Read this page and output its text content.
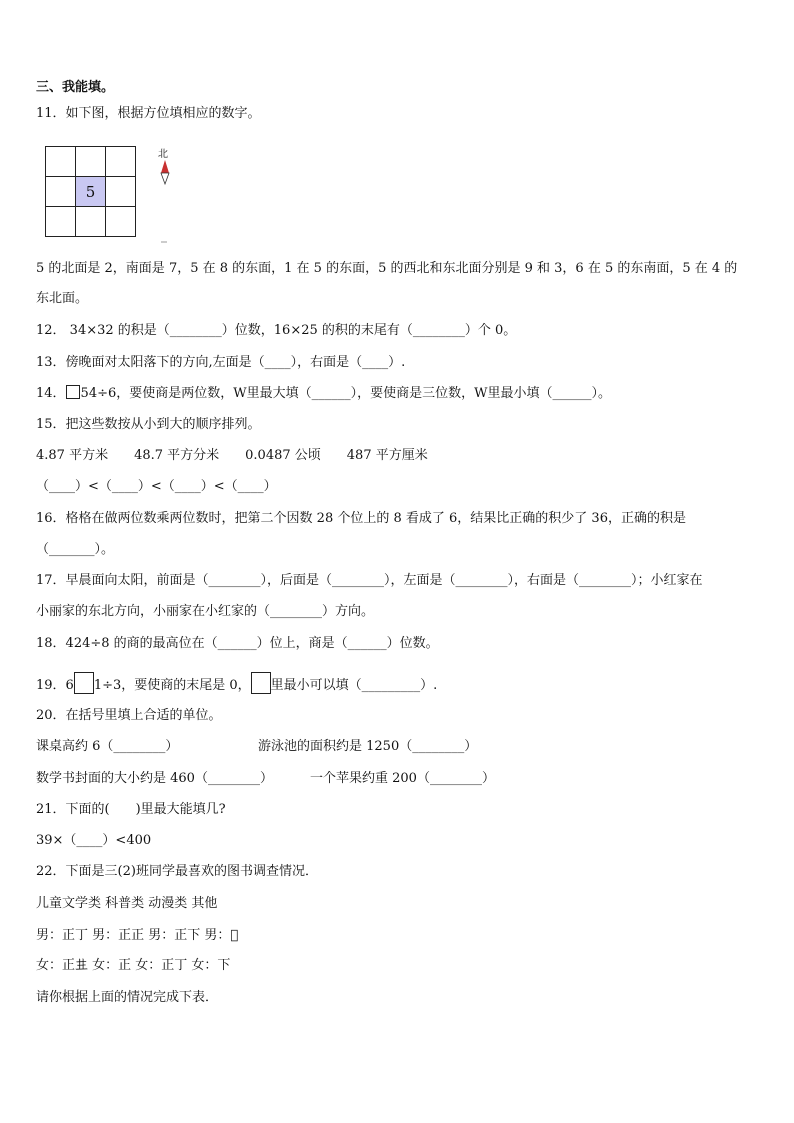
三、我能填。
11．如下图，根据方位填相应的数字。
5
北
5 的北面是 2，南面是 7，5 在 8 的东面，1 在 5 的东面，5 的西北和东北面分别是 9 和 3，6 在 5 的东南面，5 在 4 的
东北面。
12． 34×32 的积是（________）位数，16×25 的积的末尾有（________）个 0。
13．傍晚面对太阳落下的方向,左面是（____），右面是（____）.
14． 54÷6，要使商是两位数，W里最大填（______），要使商是三位数，W里最小填（______）。
15．把这些数按从小到大的顺序排列。
4.87 平方米　　48.7 平方分米　　0.0487 公顷　　487 平方厘米
（____）<（____）<（____）<（____）
16．格格在做两位数乘两位数时，把第二个因数 28 个位上的 8 看成了 6，结果比正确的积少了 36，正确的积是
（_______）。
17．早晨面向太阳，前面是（________），后面是（________），左面是（________），右面是（________）；小红家在
小丽家的东北方向，小丽家在小红家的（________）方向。
18．424÷8 的商的最高位在（______）位上，商是（______）位数。
19．6 1÷3，要使商的末尾是 0， 里最小可以填（_________）.
20．在括号里填上合适的单位。
课桌高约 6（________）	游泳池的面积约是 1250（________）
数学书封面的大小约是 460（________）	一个苹果约重 200（________）
21．下面的(　　)里最大能填几?
39×（____）<400
22．下面是三(2)班同学最喜欢的图书调查情况．
儿童文学类 科普类 动漫类 其他
男：正丁 男：正正 男：正下 男：𠀌
女：正𠀎 女：正 女：正丁 女：下
请你根据上面的情况完成下表．
